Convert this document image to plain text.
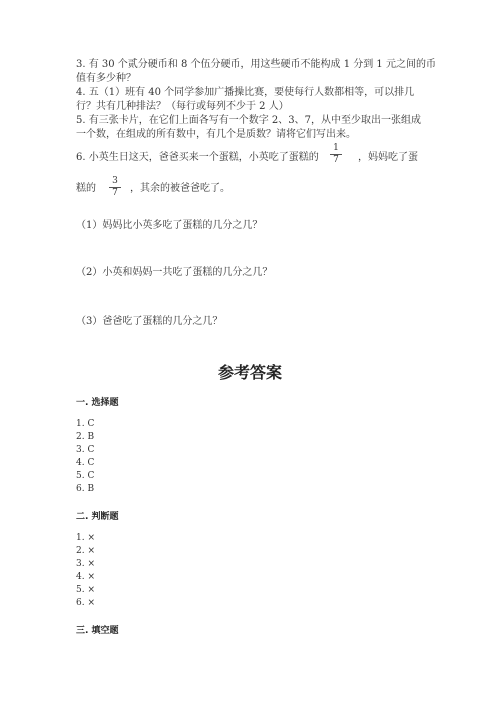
3. 有 30 个贰分硬币和 8 个伍分硬币，用这些硬币不能构成 1 分到 1 元之间的币
值有多少种？
4. 五（1）班有 40 个同学参加广播操比赛，要使每行人数都相等，可以排几
行？共有几种排法？（每行或每列不少于 2 人）
5. 有三张卡片，在它们上面各写有一个数字 2、3、7，从中至少取出一张组成
一个数，在组成的所有数中，有几个是质数？请将它们写出来。
6. 小英生日这天，爸爸买来一个蛋糕，小英吃了蛋糕的
1
7	，妈妈吃了蛋
糕的
3
7	，其余的被爸爸吃了。
（1）妈妈比小英多吃了蛋糕的几分之几？
（2）小英和妈妈一共吃了蛋糕的几分之几？
（3）爸爸吃了蛋糕的几分之几？
参考答案
一. 选择题
1. C
2. B
3. C
4. C
5. C
6. B
二. 判断题
1. ×
2. ×
3. ×
4. ×
5. ×
6. ×
三. 填空题
